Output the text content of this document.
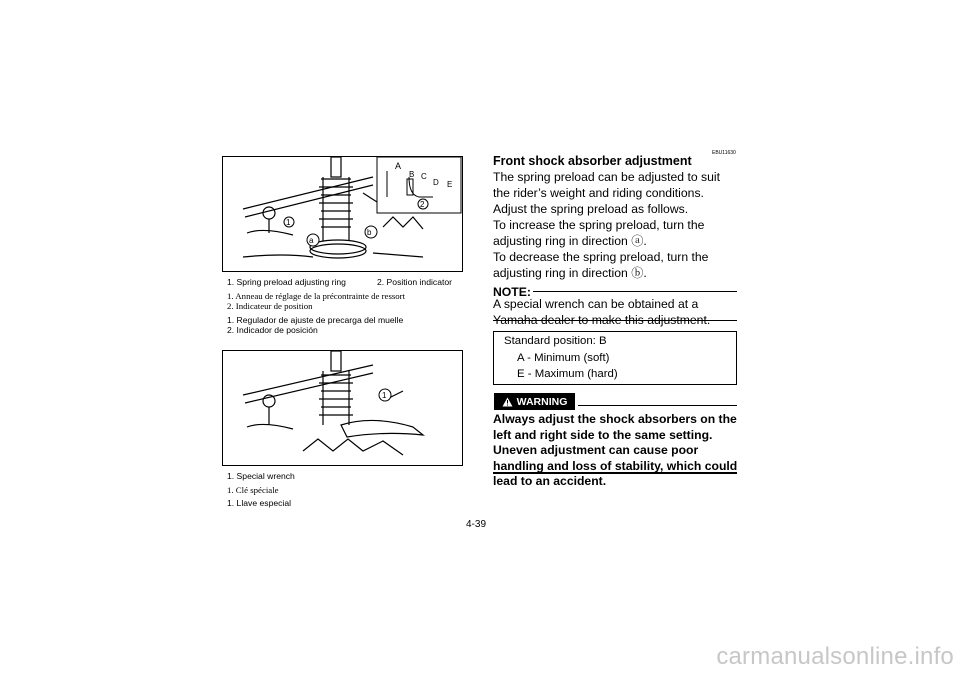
A
B C
D E
2
1
a
b
1. Spring preload adjusting ring	2. Position indicator
1. Anneau de réglage de la précontrainte de ressort
2. Indicateur de position
1. Regulador de ajuste de precarga del muelle
2. Indicador de posición
1
1. Special wrench
1. Clé spéciale
1. Llave especial
EBU11630
Front shock absorber adjustment
The spring preload can be adjusted to suit the rider’s weight and riding conditions.
Adjust the spring preload as follows.
To increase the spring preload, turn the adjusting ring in direction ⓐ.
To decrease the spring preload, turn the adjusting ring in direction ⓑ.
NOTE:
A special wrench can be obtained at a Yamaha dealer to make this adjustment.
Standard position: B
A - Minimum (soft)
E - Maximum (hard)
WARNING
Always adjust the shock absorbers on the left and right side to the same setting. Uneven adjustment can cause poor handling and loss of stability, which could lead to an accident.
4-39
carmanualsonline.info
